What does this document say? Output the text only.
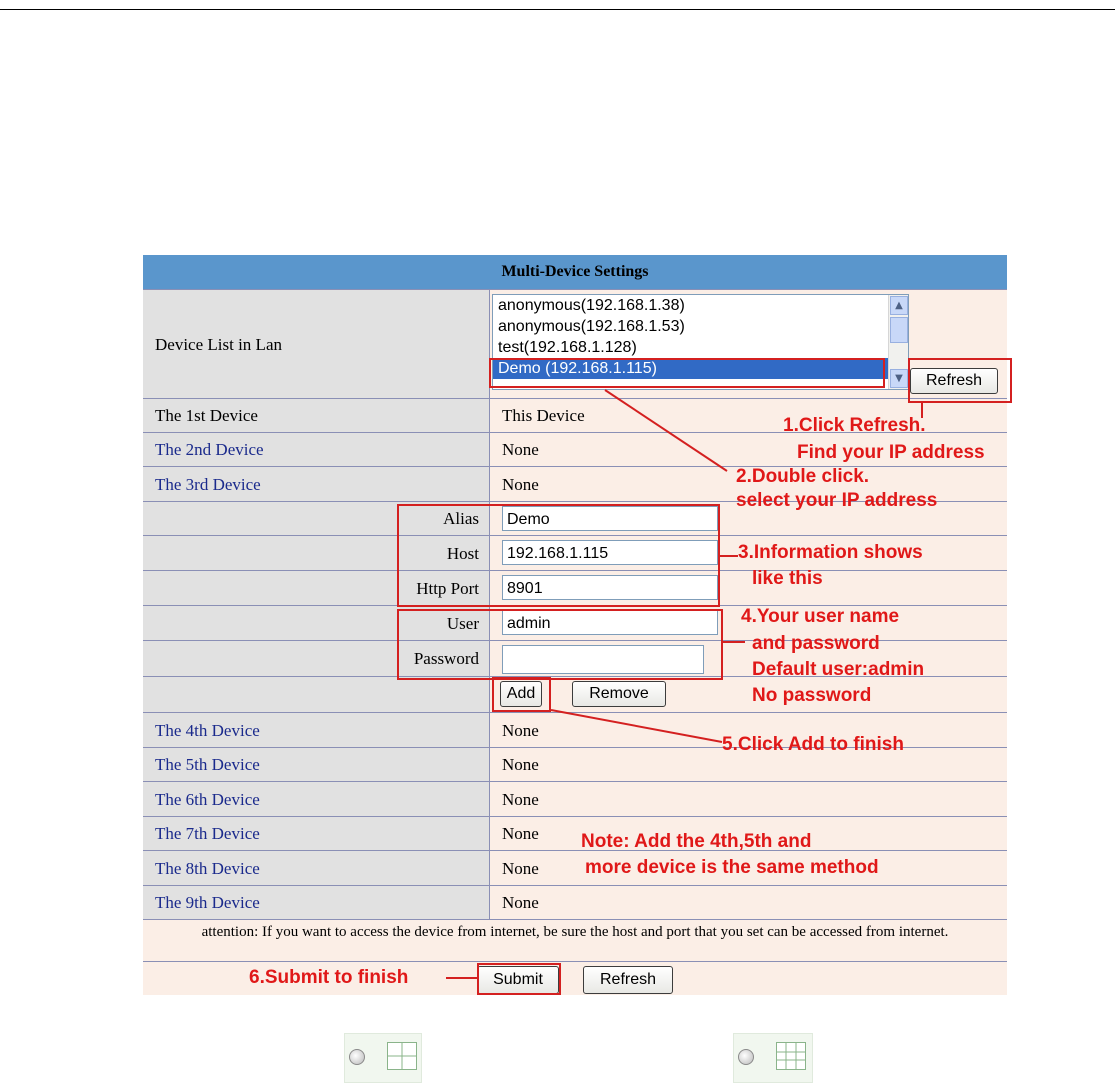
Multi-Device Settings
Device List in Lan
anonymous(192.168.1.38)
anonymous(192.168.1.53)
test(192.168.1.128)
Demo (192.168.1.115)
▲
▼	Refresh
The 1st Device	This Device
The 2nd Device	None
The 3rd Device	None
Alias	Demo
Host	192.168.1.115
Http Port	8901
User	admin
Password
Add	Remove
The 4th Device	None
The 5th Device	None
The 6th Device	None
The 7th Device	None
The 8th Device	None
The 9th Device	None
attention: If you want to access the device from internet, be sure the host and port that you set can be accessed from internet.
Submit	Refresh
1.Click Refresh.
Find your IP address
2.Double click.
select your IP address
3.Information shows
like this
4.Your user name
and password
Default user:admin
No password
5.Click Add to finish
Note: Add the 4th,5th and
more device is the same method
6.Submit to finish
